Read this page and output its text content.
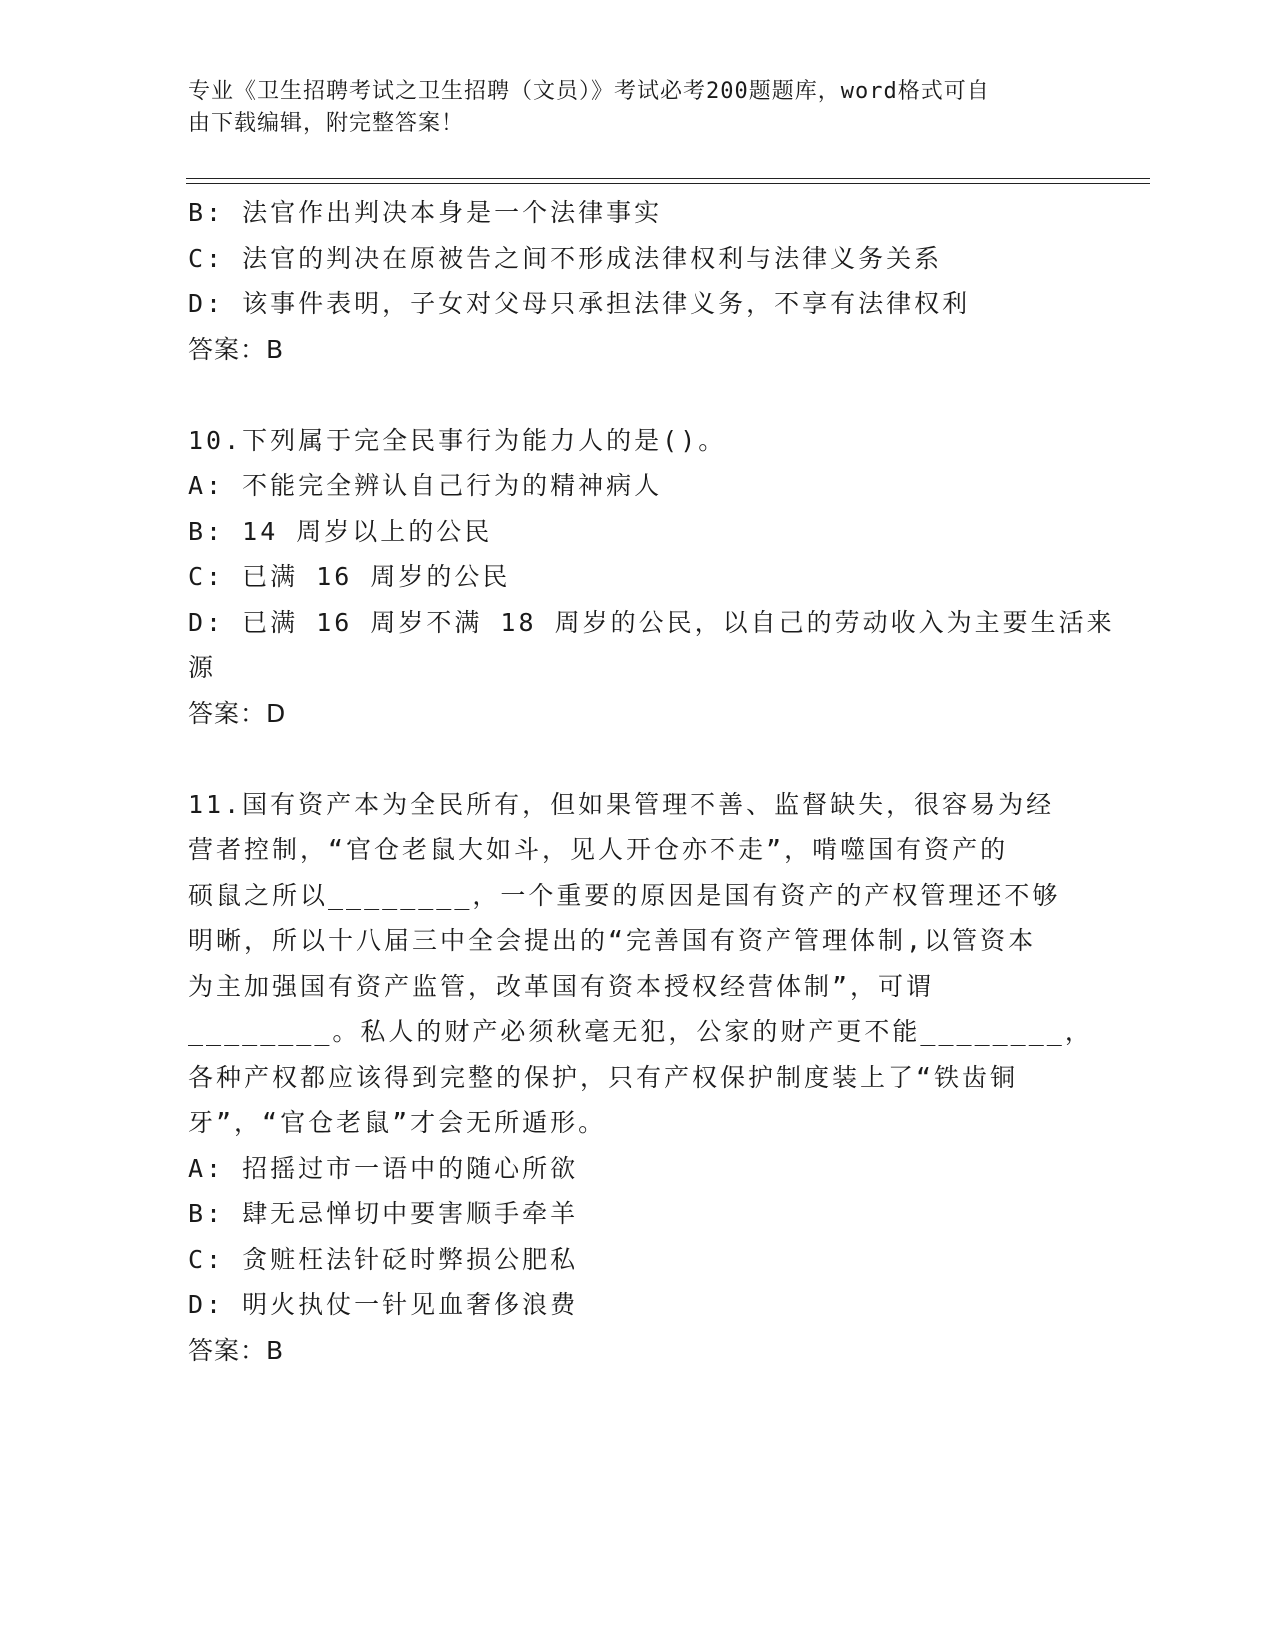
专业《卫生招聘考试之卫生招聘（文员）》考试必考200题题库，word格式可自
由下载编辑，附完整答案！
B: 法官作出判决本身是一个法律事实
C: 法官的判决在原被告之间不形成法律权利与法律义务关系
D: 该事件表明，子女对父母只承担法律义务，不享有法律权利
答案：B
10.下列属于完全民事行为能力人的是()。
A: 不能完全辨认自己行为的精神病人
B: 14 周岁以上的公民
C: 已满 16 周岁的公民
D: 已满 16 周岁不满 18 周岁的公民，以自己的劳动收入为主要生活来
源
答案：D
11.国有资产本为全民所有，但如果管理不善、监督缺失，很容易为经
营者控制，“官仓老鼠大如斗，见人开仓亦不走”，啃噬国有资产的
硕鼠之所以________，一个重要的原因是国有资产的产权管理还不够
明晰，所以十八届三中全会提出的“完善国有资产管理体制,以管资本
为主加强国有资产监管，改革国有资本授权经营体制”，可谓
________。私人的财产必须秋毫无犯，公家的财产更不能________，
各种产权都应该得到完整的保护，只有产权保护制度装上了“铁齿铜
牙”，“官仓老鼠”才会无所遁形。
A: 招摇过市一语中的随心所欲
B: 肆无忌惮切中要害顺手牵羊
C: 贪赃枉法针砭时弊损公肥私
D: 明火执仗一针见血奢侈浪费
答案：B
